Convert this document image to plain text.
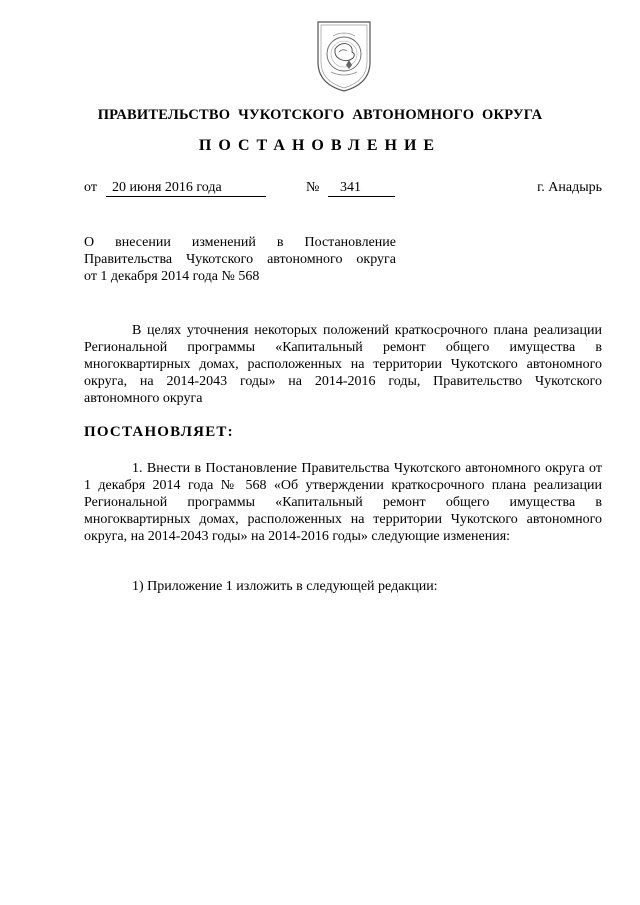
ПРАВИТЕЛЬСТВО ЧУКОТСКОГО АВТОНОМНОГО ОКРУГА
ПОСТАНОВЛЕНИЕ
от	20 июня 2016 года	№	341	г. Анадырь
О внесении изменений в Постановление
Правительства Чукотского автономного округа
от 1 декабря 2014 года № 568

В целях уточнения некоторых положений краткосрочного плана реализации Региональной программы «Капитальный ремонт общего имущества в многоквартирных домах, расположенных на территории Чукотского автономного округа, на 2014-2043 годы» на 2014-2016 годы, Правительство Чукотского автономного округа

ПОСТАНОВЛЯЕТ:

1. Внести в Постановление Правительства Чукотского автономного округа от 1 декабря 2014 года № 568 «Об утверждении краткосрочного плана реализации Региональной программы «Капитальный ремонт общего имущества в многоквартирных домах, расположенных на территории Чукотского автономного округа, на 2014-2043 годы» на 2014-2016 годы» следующие изменения:

1) Приложение 1 изложить в следующей редакции:
